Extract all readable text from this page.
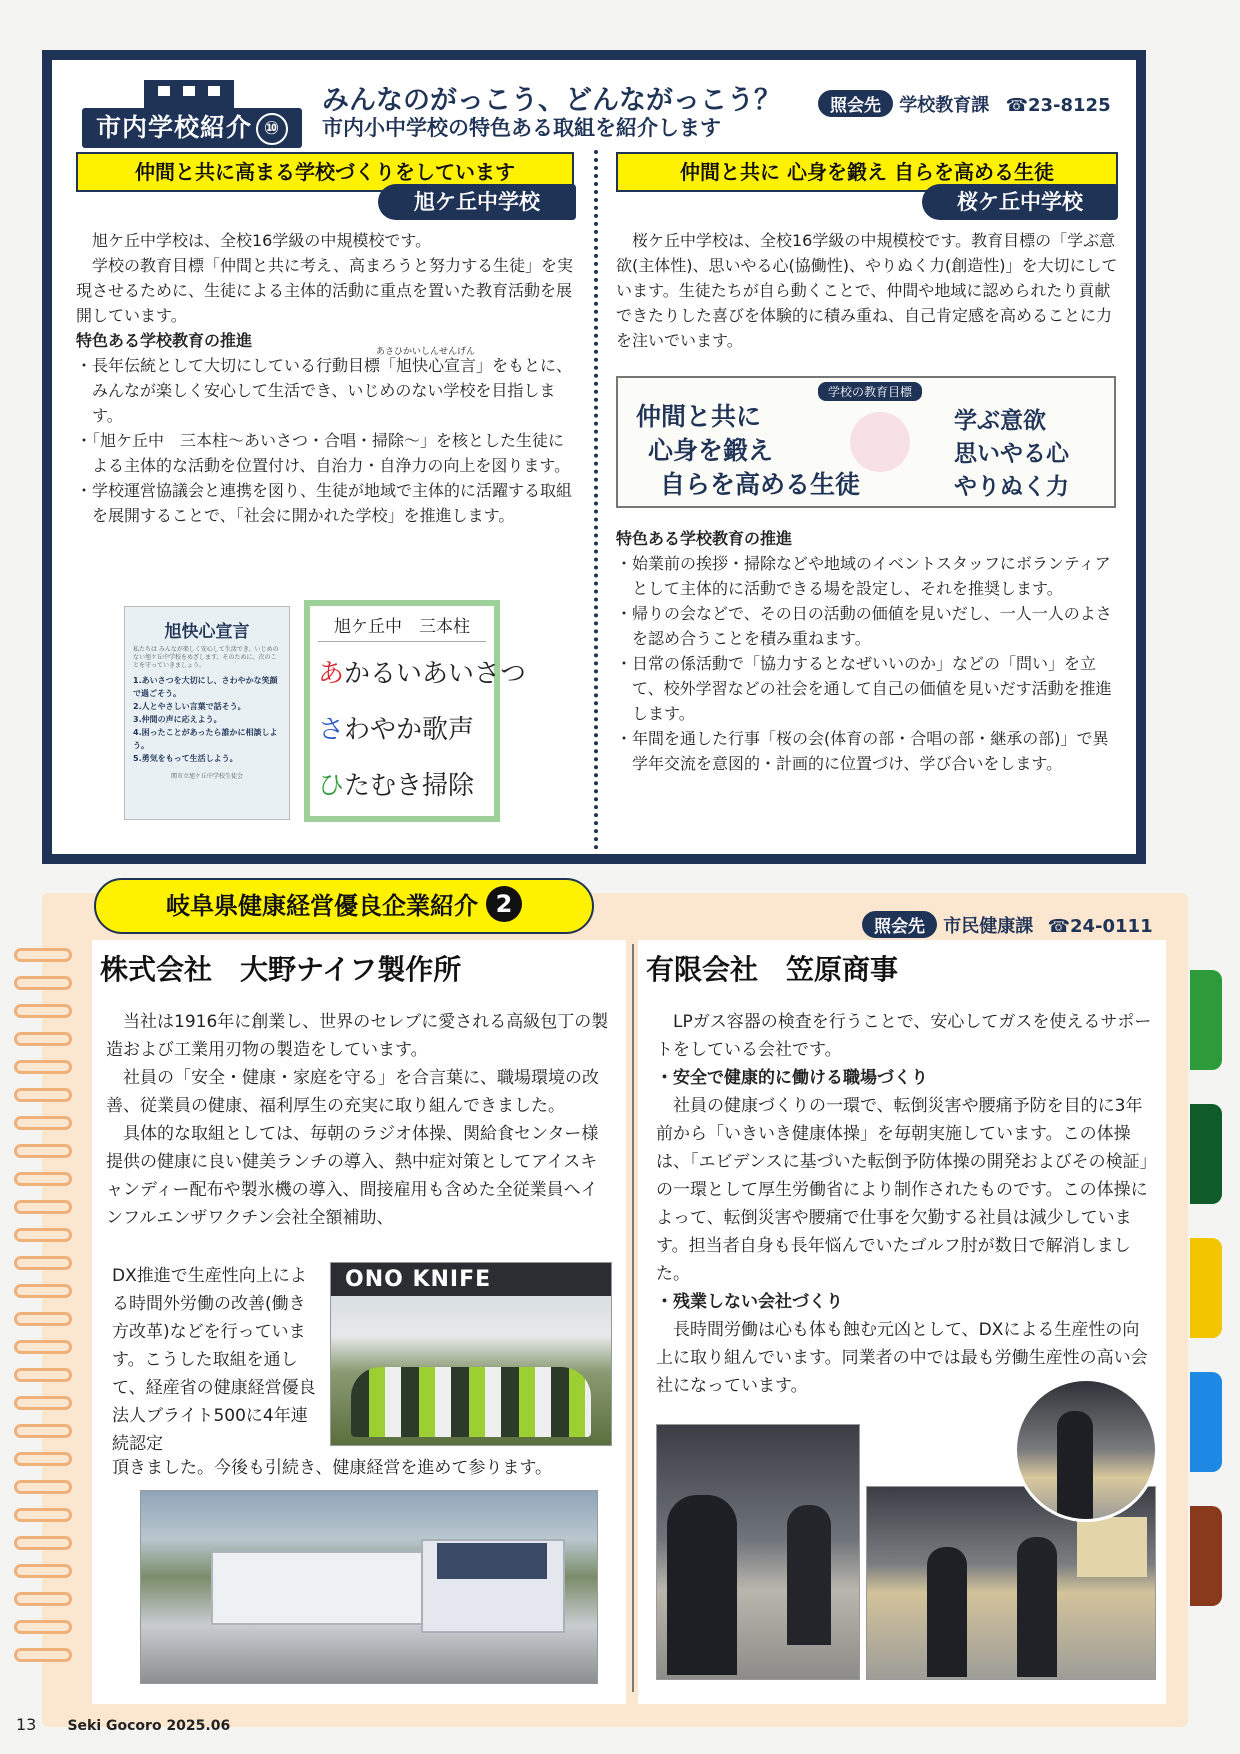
市内学校紹介 ⑩
みんなのがっこう、どんながっこう？
市内小中学校の特色ある取組を紹介します
照会先 学校教育課 ☎23-8125
仲間と共に高まる学校づくりをしています
旭ケ丘中学校

旭ケ丘中学校は、全校16学級の中規模校です。

学校の教育目標「仲間と共に考え、高まろうと努力する生徒」を実現させるために、生徒による主体的活動に重点を置いた教育活動を展開しています。

特色ある学校教育の推進

あさひかいしんせんげん

・ 長年伝統として大切にしている行動目標「旭快心宣言」をもとに、みんなが楽しく安心して生活でき、いじめのない学校を目指します。

・ 「旭ケ丘中　三本柱～あいさつ・合唱・掃除～」を核とした生徒による主体的な活動を位置付け、自治力・自浄力の向上を図ります。

・ 学校運営協議会と連携を図り、生徒が地域で主体的に活躍する取組を展開することで、「社会に開かれた学校」を推進します。

旭快心宣言
私たちは みんなが楽しく安心して生活でき、いじめのない旭ケ丘中学校をめざします。そのために、次のことを守っていきましょう。
1.あいさつを大切にし、さわやかな笑顔で過ごそう。
2.人とやさしい言葉で話そう。
3.仲間の声に応えよう。
4.困ったことがあったら誰かに相談しよう。
5.勇気をもって生活しよう。
関市立旭ケ丘中学校生徒会
旭ケ丘中　三本柱
あかるいあいさつ
さわやか歌声
ひたむき掃除
仲間と共に 心身を鍛え 自らを高める生徒
桜ケ丘中学校

桜ケ丘中学校は、全校16学級の中規模校です。教育目標の「学ぶ意欲(主体性)、思いやる心(協働性)、やりぬく力(創造性)」を大切にしています。生徒たちが自ら動くことで、仲間や地域に認められたり貢献できたりした喜びを体験的に積み重ね、自己肯定感を高めることに力を注いでいます。

学校の教育目標
仲間と共に
心身を鍛え
自らを高める生徒
学ぶ意欲
思いやる心
やりぬく力

特色ある学校教育の推進

・ 始業前の挨拶・掃除などや地域のイベントスタッフにボランティアとして主体的に活動できる場を設定し、それを推奨します。

・ 帰りの会などで、その日の活動の価値を見いだし、一人一人のよさを認め合うことを積み重ねます。

・ 日常の係活動で「協力するとなぜいいのか」などの「問い」を立て、校外学習などの社会を通して自己の価値を見いだす活動を推進します。

・ 年間を通した行事「桜の会(体育の部・合唱の部・継承の部)」で異学年交流を意図的・計画的に位置づけ、学び合いをします。

岐阜県健康経営優良企業紹介 2
照会先 市民健康課 ☎24-0111
株式会社　大野ナイフ製作所

当社は1916年に創業し、世界のセレブに愛される高級包丁の製造および工業用刃物の製造をしています。

社員の「安全・健康・家庭を守る」を合言葉に、職場環境の改善、従業員の健康、福利厚生の充実に取り組んできました。

具体的な取組としては、毎朝のラジオ体操、関給食センター様提供の健康に良い健美ランチの導入、熱中症対策としてアイスキャンディー配布や製氷機の導入、間接雇用も含めた全従業員へインフルエンザワクチン会社全額補助、

DX推進で生産性向上による時間外労働の改善(働き方改革)などを行っています。こうした取組を通して、経産省の健康経営優良法人ブライト500に4年連続認定
頂きました。今後も引続き、健康経営を進めて参ります。
ONO KNIFE
有限会社　笠原商事

LPガス容器の検査を行うことで、安心してガスを使えるサポートをしている会社です。

・安全で健康的に働ける職場づくり

社員の健康づくりの一環で、転倒災害や腰痛予防を目的に3年前から「いきいき健康体操」を毎朝実施しています。この体操は、「エビデンスに基づいた転倒予防体操の開発およびその検証」の一環として厚生労働省により制作されたものです。この体操によって、転倒災害や腰痛で仕事を欠勤する社員は減少しています。担当者自身も長年悩んでいたゴルフ肘が数日で解消しました。

・残業しない会社づくり

長時間労働は心も体も蝕む元凶として、DXによる生産性の向上に取り組んでいます。同業者の中では最も労働生産性の高い会社になっています。

13 Seki Gocoro 2025.06
